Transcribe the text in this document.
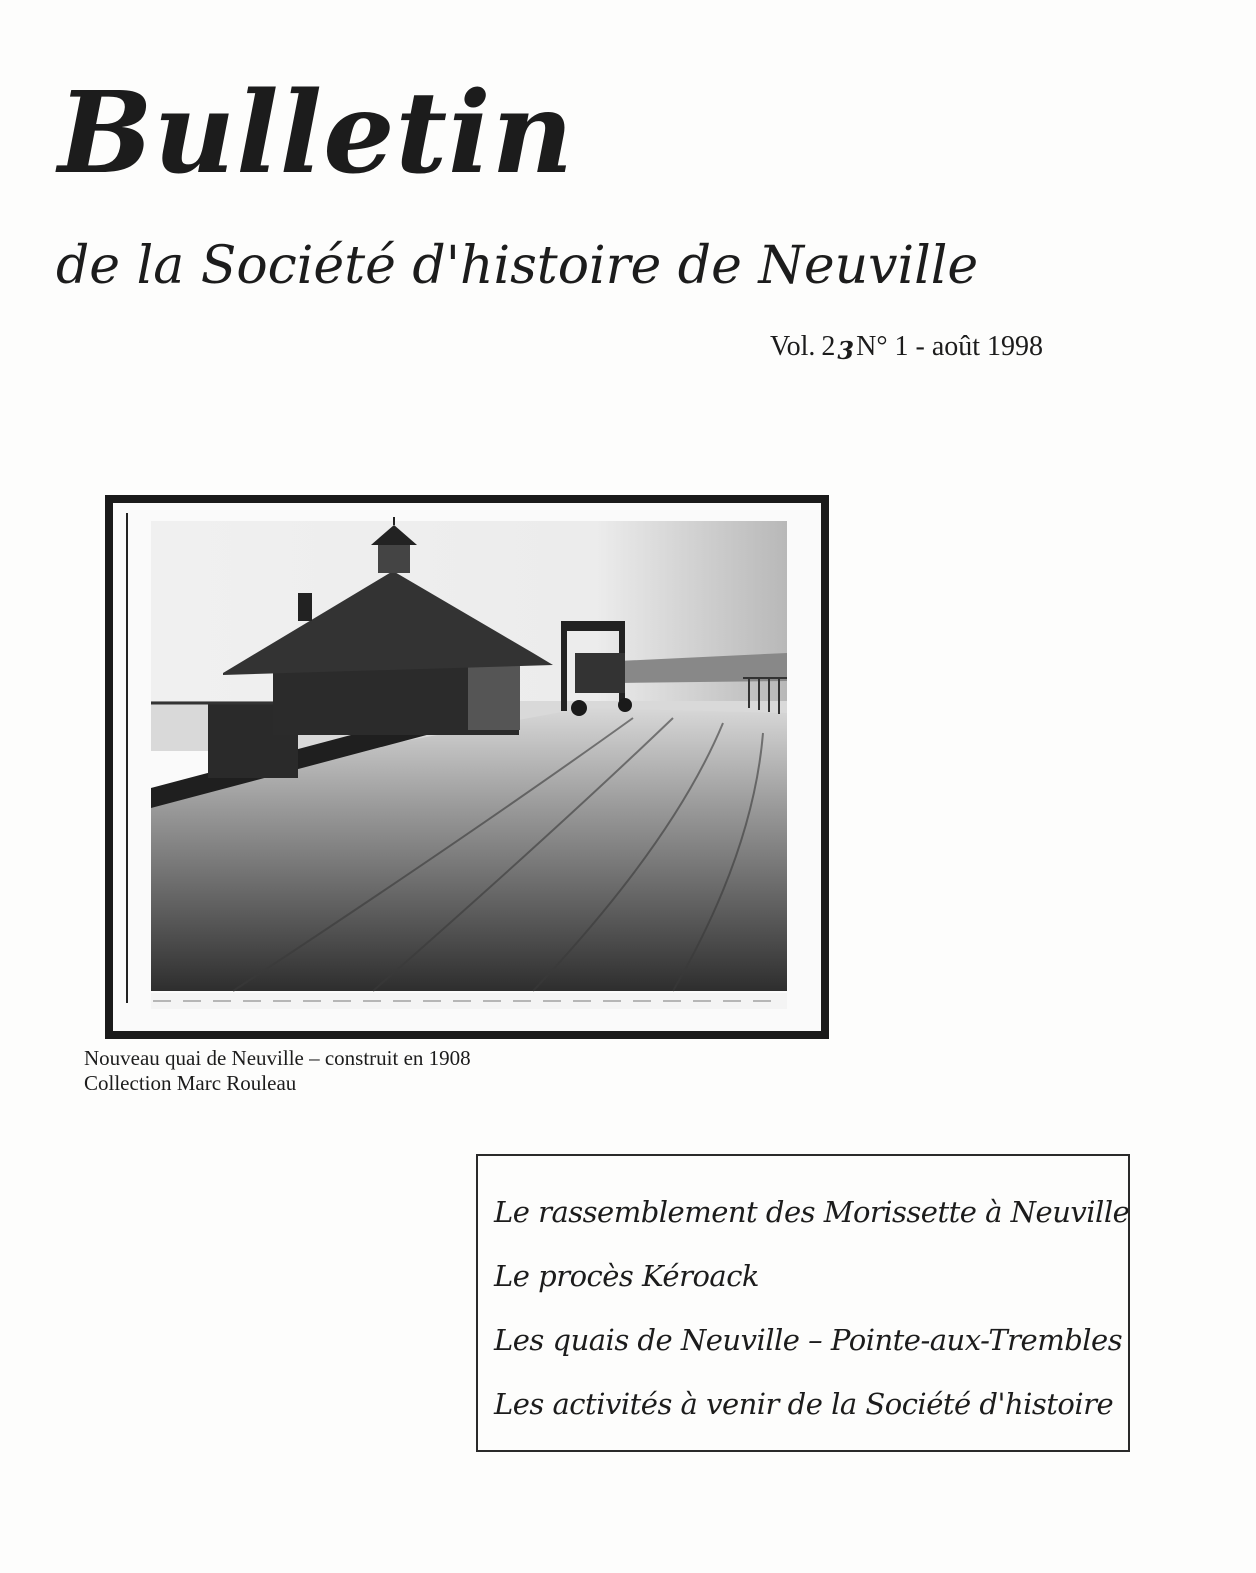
Bulletin
de la Société d'histoire de Neuville
Vol. 23N° 1 - août 1998
Nouveau quai de Neuville – construit en 1908
Collection Marc Rouleau
Le rassemblement des Morissette à Neuville
Le procès Kéroack
Les quais de Neuville – Pointe-aux-Trembles
Les activités à venir de la Société d'histoire
